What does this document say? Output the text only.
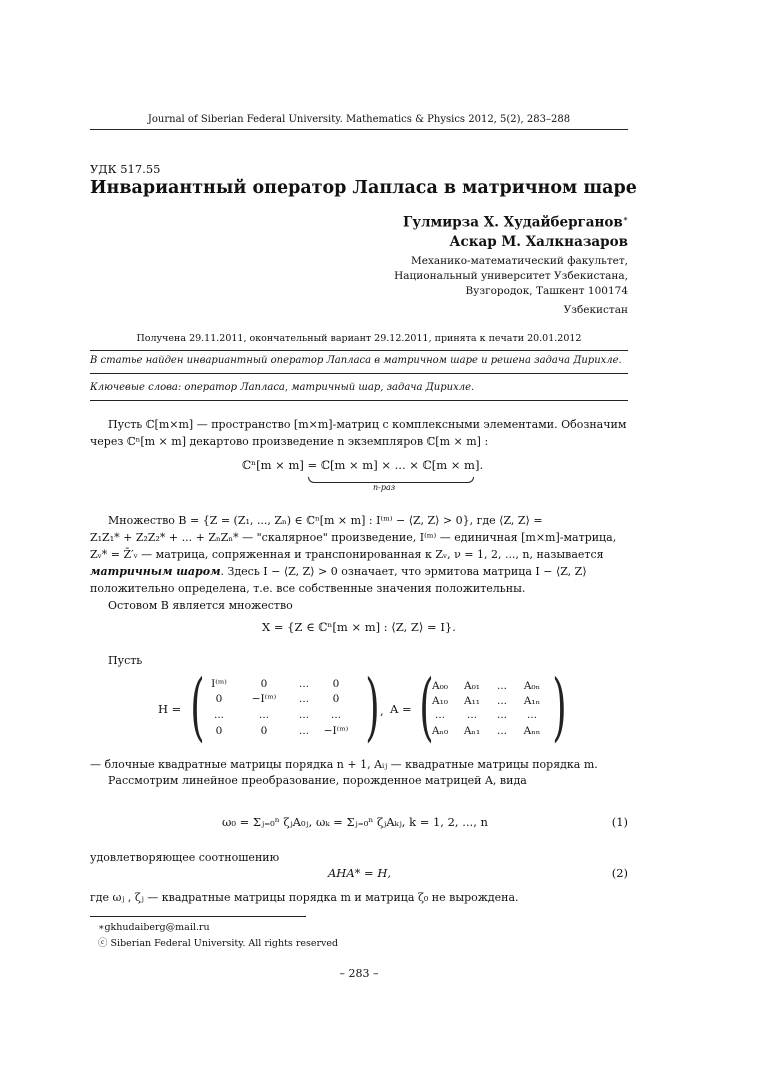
Journal of Siberian Federal University. Mathematics & Physics 2012, 5(2), 283–288
УДК 517.55
Инвариантный оператор Лапласа в матричном шаре
Гулмирза Х. Худайберганов∗
Аскар М. Халкназаров
Механико-математический факультет,
Национальный университет Узбекистана,
Вузгородок, Ташкент 100174
Узбекистан
Получена 29.11.2011, окончательный вариант 29.12.2011, принята к печати 20.01.2012
В статье найден инвариантный оператор Лапласа в матричном шаре и решена задача Дирихле.
Ключевые слова: оператор Лапласа, матричный шар, задача Дирихле.
Пусть ℂ[m×m] — пространство [m×m]-матриц с комплексными элементами. Обозначим
через ℂⁿ[m × m] декартово произведение n экземпляров ℂ[m × m] :
ℂⁿ[m × m] = ℂ[m × m] × ... × ℂ[m × m].
n-раз
Множество B = {Z = (Z₁, ..., Zₙ) ∈ ℂⁿ[m × m] : I⁽ᵐ⁾ − ⟨Z, Z⟩ > 0}, где ⟨Z, Z⟩ =
Z₁Z₁* + Z₂Z₂* + ... + ZₙZₙ* — "скалярное" произведение, I⁽ᵐ⁾ — единичная [m×m]-матрица,
Zᵥ* = Z̄′ᵥ — матрица, сопряженная и транспонированная к Zᵥ, ν = 1, 2, ..., n, называется
матричным шаром. Здесь I − ⟨Z, Z⟩ > 0 означает, что эрмитова матрица I − ⟨Z, Z⟩
положительно определена, т.е. все собственные значения положительны.
Остовом B является множество
X = {Z ∈ ℂⁿ[m × m] : ⟨Z, Z⟩ = I}.
Пусть
H = ( I⁽ᵐ⁾	0	...	0
0	−I⁽ᵐ⁾	...	0
...	...	...	...
0	0	...	−I⁽ᵐ⁾ ) , A = (
A₀₀	A₀₁	...	A₀ₙ
A₁₀	A₁₁	...	A₁ₙ
...	...	...	...
Aₙ₀	Aₙ₁	...	Aₙₙ )
— блочные квадратные матрицы порядка n + 1, Aᵢⱼ — квадратные матрицы порядка m.
Рассмотрим линейное преобразование, порожденное матрицей A, вида
ω₀ = Σⱼ₌₀ⁿ ζⱼA₀ⱼ, ωₖ = Σⱼ₌₀ⁿ ζⱼAₖⱼ, k = 1, 2, ..., n	(1)
удовлетворяющее соотношению
AHA* = H,	(2)
где ωⱼ , ζⱼ — квадратные матрицы порядка m и матрица ζ₀ не вырождена.
∗gkhudaiberg@mail.ru
ⓒ Siberian Federal University. All rights reserved
– 283 –
